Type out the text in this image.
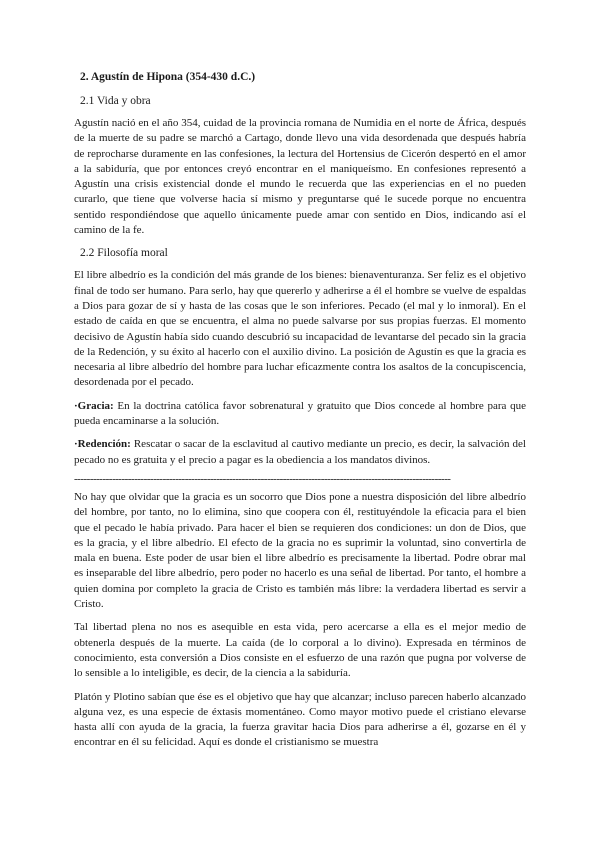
2. Agustín de Hipona (354-430 d.C.)
2.1 Vida y obra

Agustín nació en el año 354, cuidad de la provincia romana de Numidia en el norte de África, después de la muerte de su padre se marchó a Cartago, donde llevo una vida desordenada que después habría de reprocharse duramente en las confesiones, la lectura del Hortensius de Cicerón despertó en el amor a la sabiduría, que por entonces creyó encontrar en el maniqueísmo. En confesiones representó a Agustín una crisis existencial donde el mundo le recuerda que las experiencias en el no pueden curarlo, que tiene que volverse hacia sí mismo y preguntarse qué le sucede porque no encuentra sentido respondiéndose que aquello únicamente puede amar con sentido en Dios, indicando así el camino de la fe.

2.2 Filosofía moral

El libre albedrío es la condición del más grande de los bienes: bienaventuranza. Ser feliz es el objetivo final de todo ser humano. Para serlo, hay que quererlo y adherirse a él el hombre se vuelve de espaldas a Dios para gozar de sí y hasta de las cosas que le son inferiores. Pecado (el mal y lo inmoral). En el estado de caída en que se encuentra, el alma no puede salvarse por sus propias fuerzas. El momento decisivo de Agustín había sido cuando descubrió su incapacidad de levantarse del pecado sin la gracia de la Redención, y su éxito al hacerlo con el auxilio divino. La posición de Agustín es que la gracia es necesaria al libre albedrío del hombre para luchar eficazmente contra los asaltos de la concupiscencia, desordenada por el pecado.

·Gracia: En la doctrina católica favor sobrenatural y gratuito que Dios concede al hombre para que pueda encaminarse a la solución.

·Redención: Rescatar o sacar de la esclavitud al cautivo mediante un precio, es decir, la salvación del pecado no es gratuita y el precio a pagar es la obediencia a los mandatos divinos.

-----------------------------------------------------------------------------------------------------------------------

No hay que olvidar que la gracia es un socorro que Dios pone a nuestra disposición del libre albedrío del hombre, por tanto, no lo elimina, sino que coopera con él, restituyéndole la eficacia para el bien que el pecado le había privado. Para hacer el bien se requieren dos condiciones: un don de Dios, que es la gracia, y el libre albedrío. El efecto de la gracia no es suprimir la voluntad, sino convertirla de mala en buena. Este poder de usar bien el libre albedrío es precisamente la libertad. Podre obrar mal es inseparable del libre albedrío, pero poder no hacerlo es una señal de libertad. Por tanto, el hombre a quien domina por completo la gracia de Cristo es también más libre: la verdadera libertad es servir a Cristo.

Tal libertad plena no nos es asequible en esta vida, pero acercarse a ella es el mejor medio de obtenerla después de la muerte. La caída (de lo corporal a lo divino). Expresada en términos de conocimiento, esta conversión a Dios consiste en el esfuerzo de una razón que pugna por volverse de lo sensible a lo inteligible, es decir, de la ciencia a la sabiduría.

Platón y Plotino sabían que ése es el objetivo que hay que alcanzar; incluso parecen haberlo alcanzado alguna vez, es una especie de éxtasis momentáneo. Como mayor motivo puede el cristiano elevarse hasta allí con ayuda de la gracia, la fuerza gravitar hacia Dios para adherirse a él, gozarse en él y encontrar en él su felicidad. Aquí es donde el cristianismo se muestra
